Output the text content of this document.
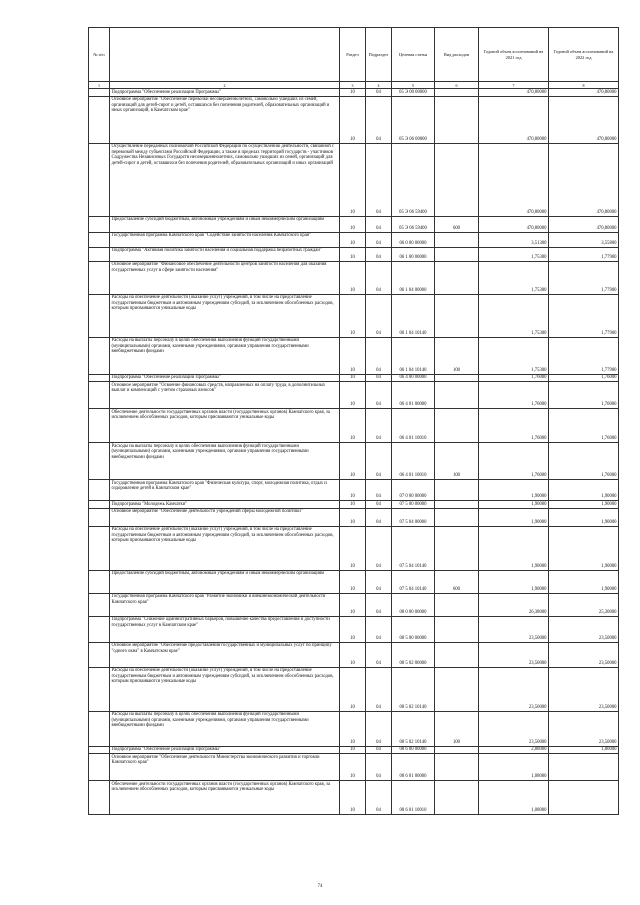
№ п/п		Раздел	Подраздел	Целевая статья	Вид расходов	Годовой объем ассигнований на 2021 год	Годовой объем ассигнований на 2022 год
1	2	3	4	5	6	7	8
	Подпрограмма "Обеспечение реализации Программы"	10	04	05 Э 00 00000		470,80000	470,80000
	Основное мероприятие "Обеспечение перевозки несовершеннолетних, самовольно ушедших из семей, организаций для детей-сирот и детей, оставшихся без попечения родителей, образовательных организаций и иных организаций, в Камчатском крае"	10	04	05 Э 06 00000		470,80000	470,80000
	Осуществление переданных полномочий Российской Федерации по осуществлению деятельности, связанной с перевозкой между субъектами Российской Федерации, а также в пределах территорий государств - участников Содружества Независимых Государств несовершеннолетних, самовольно ушедших из семей, организаций для детей-сирот и детей, оставшихся без попечения родителей, образовательных организаций и иных организаций	10	04	05 Э 06 59400		470,80000	470,80000
	Предоставление субсидий бюджетным, автономным учреждениям и иным некоммерческим организациям	10	04	05 Э 06 59400	600	470,80000	470,80000
	Государственная программа Камчатского края "Содействие занятости населения Камчатского края"	10	04	06 0 00 00000		3,51300	3,55800
	Подпрограмма "Активная политика занятости населения и социальная поддержка безработных граждан"	10	04	06 1 00 00000		1,75300	1,77900
	Основное мероприятие "Финансовое обеспечение деятельности центров занятости населения для оказания государственных услуг в сфере занятости населения"	10	04	06 1 04 00000		1,75300	1,77900
	Расходы на обеспечение деятельности (оказание услуг) учреждений, в том числе на предоставление государственным бюджетным и автономным учреждениям субсидий, за исключением обособленных расходов, которым присваиваются уникальные коды	10	04	06 1 04 10140		1,75300	1,77900
	Расходы на выплаты персоналу в целях обеспечения выполнения функций государственными (муниципальными) органами, казенными учреждениями, органами управления государственными внебюджетными фондами	10	04	06 1 04 10140	100	1,75300	1,77900
	Подпрограмма "Обеспечение реализации Программы"	10	04	06 4 00 00000		1,76000	1,76000
	Основное мероприятие "Освоение финансовых средств, направленных на оплату труда, в дополнительных выплат и компенсаций с учетом страховых взносов"	10	04	06 4 01 00000		1,76000	1,76000
	Обеспечение деятельности государственных органов власти (государственных органов) Камчатского края, за исключением обособленных расходов, которым присваиваются уникальные коды	10	04	06 4 01 10010		1,76000	1,76000
	Расходы на выплаты персоналу в целях обеспечения выполнения функций государственными (муниципальными) органами, казенными учреждениями, органами управления государственными внебюджетными фондами	10	04	06 4 01 10010	100	1,76000	1,76000
	Государственная программа Камчатского края "Физическая культура, спорт, молодежная политика, отдых и оздоровление детей в Камчатском крае"	10	04	07 0 00 00000		1,90000	1,90000
	Подпрограмма "Молодежь Камчатки"	10	04	07 5 00 00000		1,90000	1,90000
	Основное мероприятие "Обеспечение деятельности учреждений сферы молодежной политики"	10	04	07 5 04 00000		1,90000	1,90000
	Расходы на обеспечение деятельности (оказание услуг) учреждений, в том числе на предоставление государственным бюджетным и автономным учреждениям субсидий, за исключением обособленных расходов, которым присваиваются уникальные коды	10	04	07 5 04 10140		1,90000	1,90000
	Предоставление субсидий бюджетным, автономным учреждениям и иным некоммерческим организациям	10	04	07 5 04 10140	600	1,90000	1,90000
	Государственная программа Камчатского края "Развитие экономики и внешнеэкономической деятельности Камчатского края"	10	04	08 0 00 00000		26,38000	25,30000
	Подпрограмма "Снижение административных барьеров, повышение качества предоставления и доступности государственных услуг в Камчатском крае"	10	04	08 5 00 00000		23,50000	23,50000
	Основное мероприятие "Обеспечение предоставления государственных и муниципальных услуг по принципу "одного окна" в Камчатском крае"	10	04	08 5 02 00000		23,50000	23,50000
	Расходы на обеспечение деятельности (оказание услуг) учреждений, в том числе на предоставление государственным бюджетным и автономным учреждениям субсидий, за исключением обособленных расходов, которым присваиваются уникальные коды	10	04	08 5 02 10140		23,50000	23,50000
	Расходы на выплаты персоналу в целях обеспечения выполнения функций государственными (муниципальными) органами, казенными учреждениями, органами управления государственными внебюджетными фондами	10	04	08 5 02 10140	100	23,50000	23,50000
	Подпрограмма "Обеспечение реализации Программы"	10	04	08 6 00 00000		2,88000	1,80000
	Основное мероприятие "Обеспечение деятельности Министерства экономического развития и торговли Камчатского края"	10	04	08 6 01 00000		1,08000	
	Обеспечение деятельности государственных органов власти (государственных органов) Камчатского края, за исключением обособленных расходов, которым присваиваются уникальные коды	10	04	08 6 01 10010		1,08000	
74
